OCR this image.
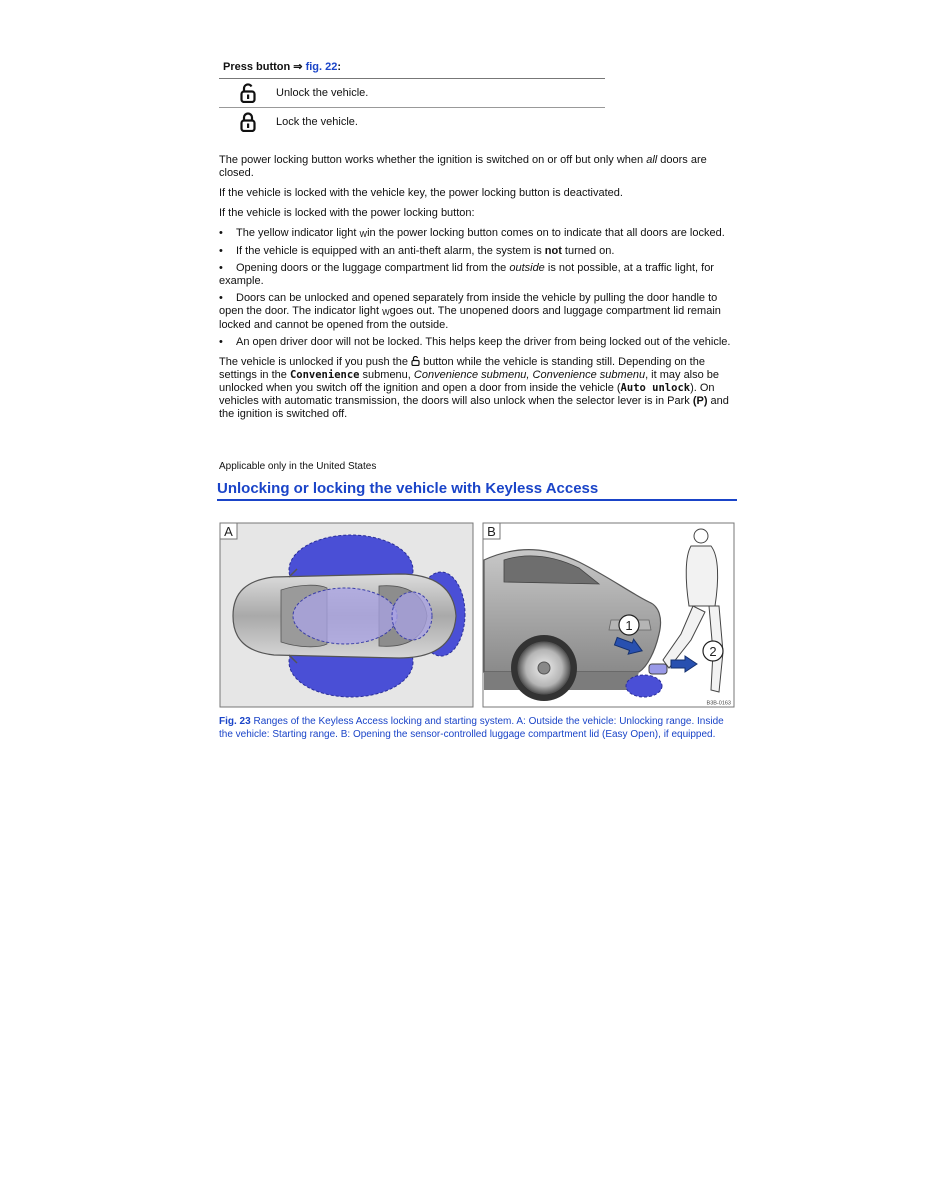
Press button ⇒ fig. 22:
Unlock the vehicle.
Lock the vehicle.

The power locking button works whether the ignition is switched on or off but only when all doors are closed.

If the vehicle is locked with the vehicle key, the power locking button is deactivated.

If the vehicle is locked with the power locking button:

• The yellow indicator light Win the power locking button comes on to indicate that all doors are locked.
• If the vehicle is equipped with an anti-theft alarm, the system is not turned on.
• Opening doors or the luggage compartment lid from the outside is not possible, at a traffic light, for example.
• Doors can be unlocked and opened separately from inside the vehicle by pulling the door handle to open the door. The indicator light Wgoes out. The unopened doors and luggage compartment lid remain locked and cannot be opened from the outside.
• An open driver door will not be locked. This helps keep the driver from being locked out of the vehicle.

The vehicle is unlocked if you push the  button while the vehicle is standing still. Depending on the settings in the Convenience submenu, Convenience submenu, Convenience submenu, it may also be unlocked when you switch off the ignition and open a door from inside the vehicle (Auto unlock). On vehicles with automatic transmission, the doors will also unlock when the selector lever is in Park (P) and the ignition is switched off.

Applicable only in the United States
Unlocking or locking the vehicle with Keyless Access
A	B
1
2
B3B-0163
Fig. 23 Ranges of the Keyless Access locking and starting system. A: Outside the vehicle: Unlocking range. Inside the vehicle: Starting range. B: Opening the sensor-controlled luggage compartment lid (Easy Open), if equipped.
